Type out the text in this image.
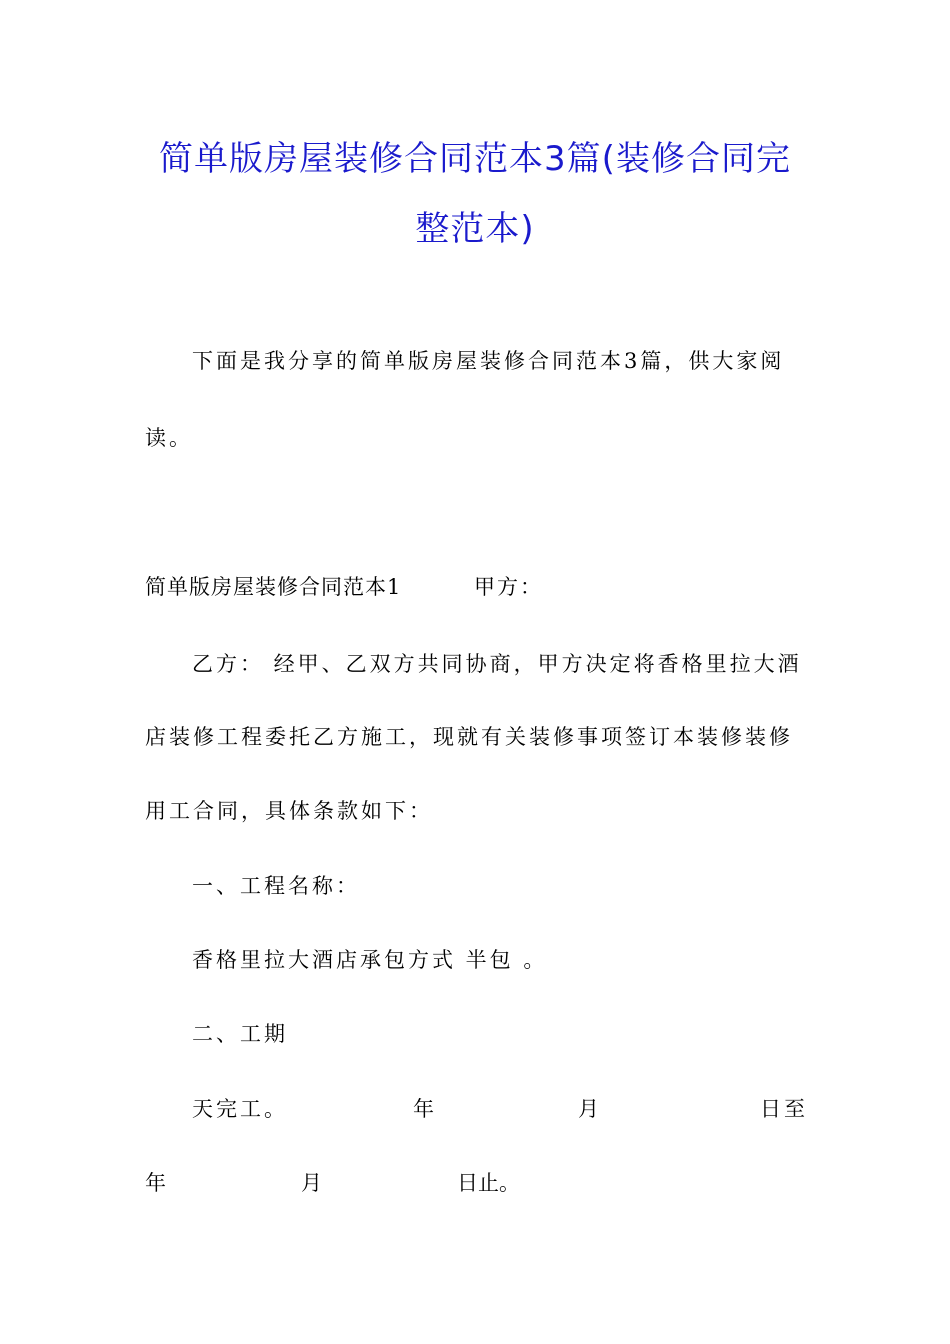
简单版房屋装修合同范本3篇(装修合同完
整范本)
下面是我分享的简单版房屋装修合同范本3篇，供大家阅
读。
简单版房屋装修合同范本1	甲方：
乙方： 经甲、乙双方共同协商，甲方决定将香格里拉大酒
店装修工程委托乙方施工，现就有关装修事项签订本装修装修
用工合同，具体条款如下：
一、工程名称：
香格里拉大酒店承包方式 半包 。
二、工期
天完工。	年	月	日至
年	月	日止。
